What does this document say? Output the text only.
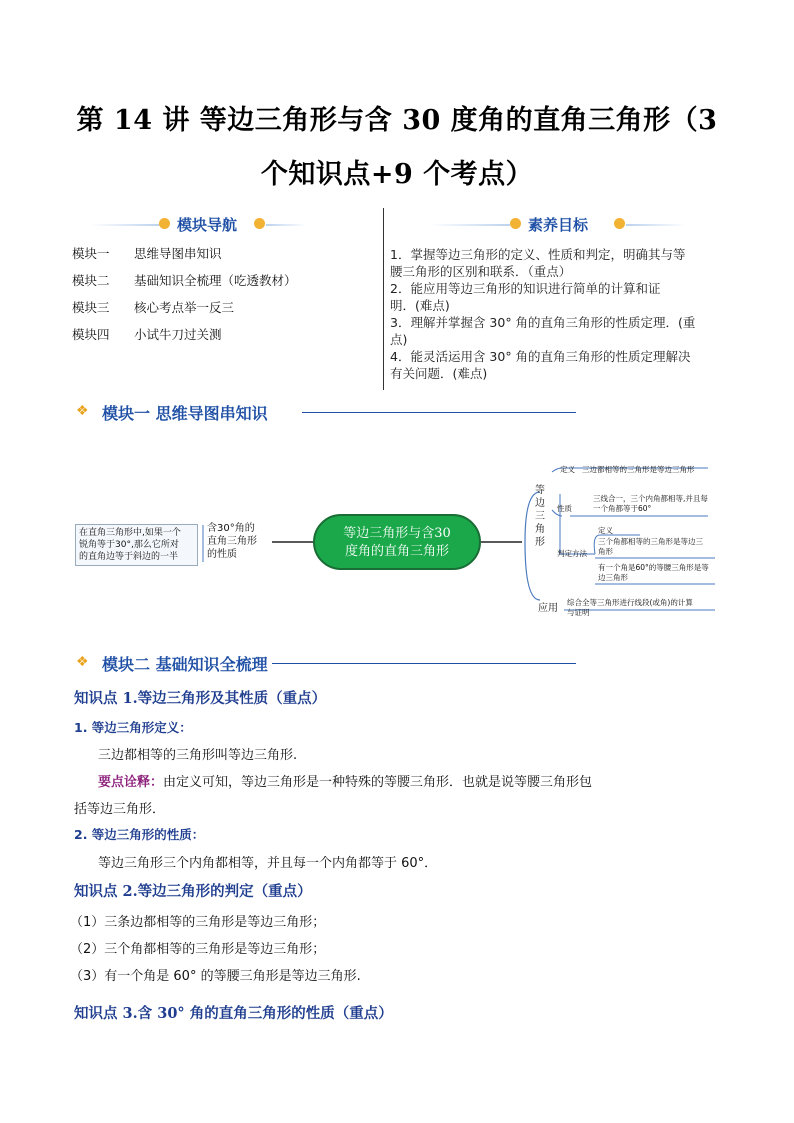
第 14 讲 等边三角形与含 30 度角的直角三角形（3
个知识点+9 个考点）
模块导航
模块一 思维导图串知识
模块二 基础知识全梳理（吃透教材）
模块三 核心考点举一反三
模块四 小试牛刀过关测
素养目标
1．掌握等边三角形的定义、性质和判定，明确其与等
腰三角形的区别和联系．（重点）
2．能应用等边三角形的知识进行简单的计算和证
明．(难点)
3．理解并掌握含 30° 角的直角三角形的性质定理．(重
点)
4．能灵活运用含 30° 角的直角三角形的性质定理解决
有关问题．(难点)
❖ 模块一 思维导图串知识
等边三角形与含30
度角的直角三角形
在直角三角形中,如果一个
锐角等于30°,那么它所对
的直角边等于斜边的一半
含30°角的
直角三角形
的性质
等
边
三
角
形
定义 三边都相等的三角形是等边三角形
性质
三线合一，三个内角都相等,并且每
一个角都等于60°
判定方法
定义
三个角都相等的三角形是等边三角形
有一个角是60°的等腰三角形是等边三角形
应用
综合全等三角形进行线段(或角)的计算
与证明
❖ 模块二 基础知识全梳理
知识点 1.等边三角形及其性质（重点）
1. 等边三角形定义：
三边都相等的三角形叫等边三角形.
要点诠释：由定义可知，等边三角形是一种特殊的等腰三角形．也就是说等腰三角形包
括等边三角形．
2. 等边三角形的性质：
等边三角形三个内角都相等，并且每一个内角都等于 60°．
知识点 2.等边三角形的判定（重点）
（1）三条边都相等的三角形是等边三角形；
（2）三个角都相等的三角形是等边三角形；
（3）有一个角是 60° 的等腰三角形是等边三角形.
知识点 3.含 30° 角的直角三角形的性质（重点）
